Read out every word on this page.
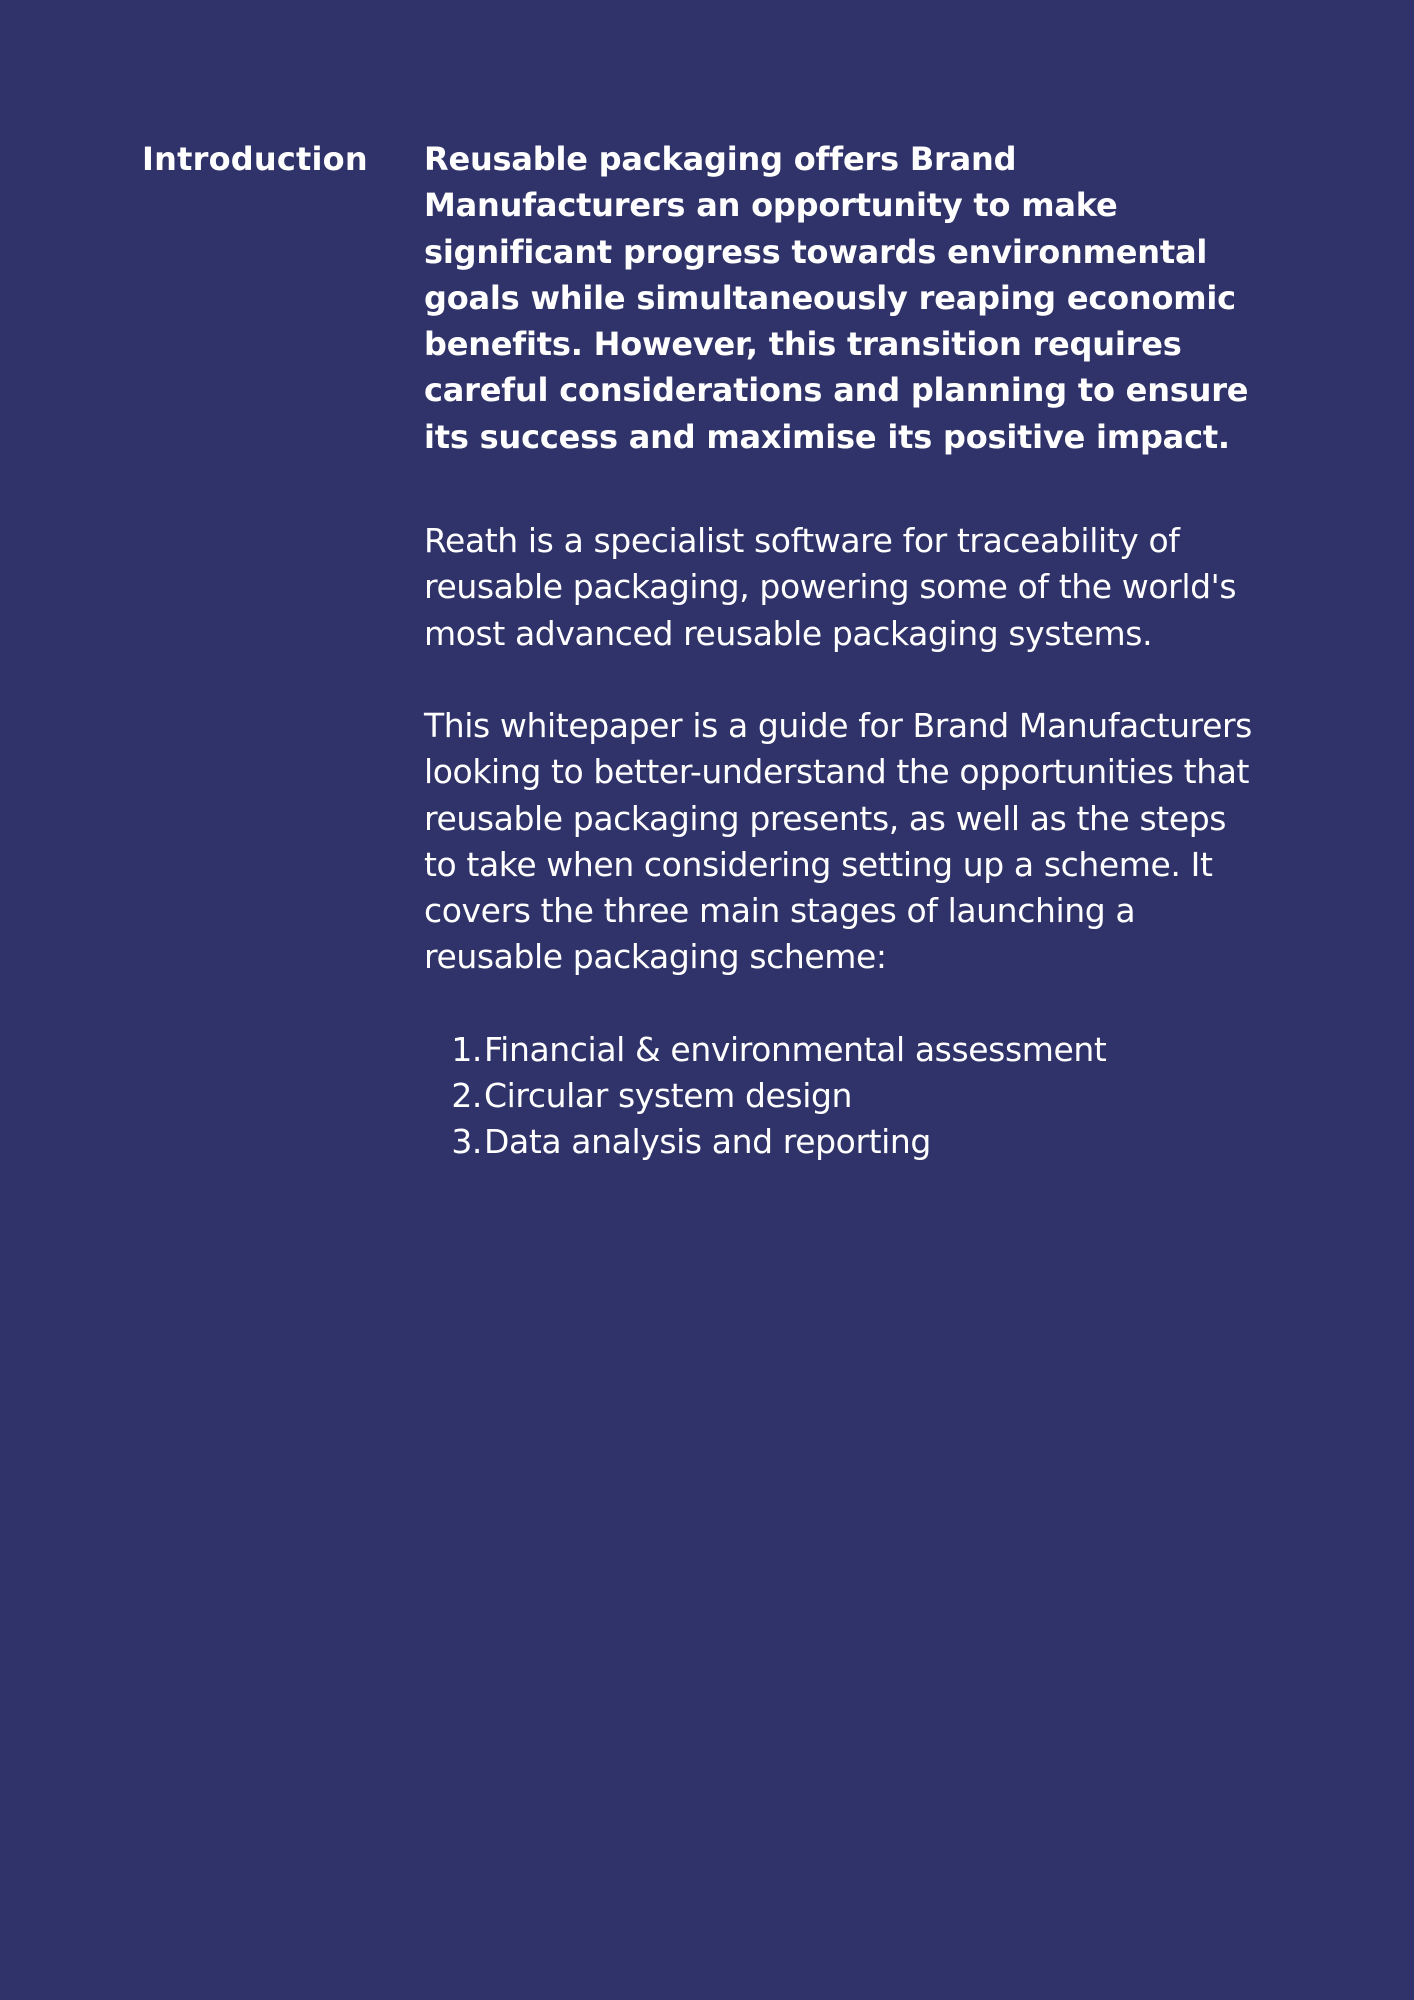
Introduction	Reusable packaging offers Brand Manufacturers an opportunity to make significant progress towards environmental goals while simultaneously reaping economic benefits. However, this transition requires careful considerations and planning to ensure its success and maximise its positive impact.

Reath is a specialist software for traceability of reusable packaging, powering some of the world's most advanced reusable packaging systems.

This whitepaper is a guide for Brand Manufacturers looking to better-understand the opportunities that reusable packaging presents, as well as the steps to take when considering setting up a scheme. It covers the three main stages of launching a reusable packaging scheme:

1. Financial & environmental assessment
2. Circular system design
3. Data analysis and reporting
